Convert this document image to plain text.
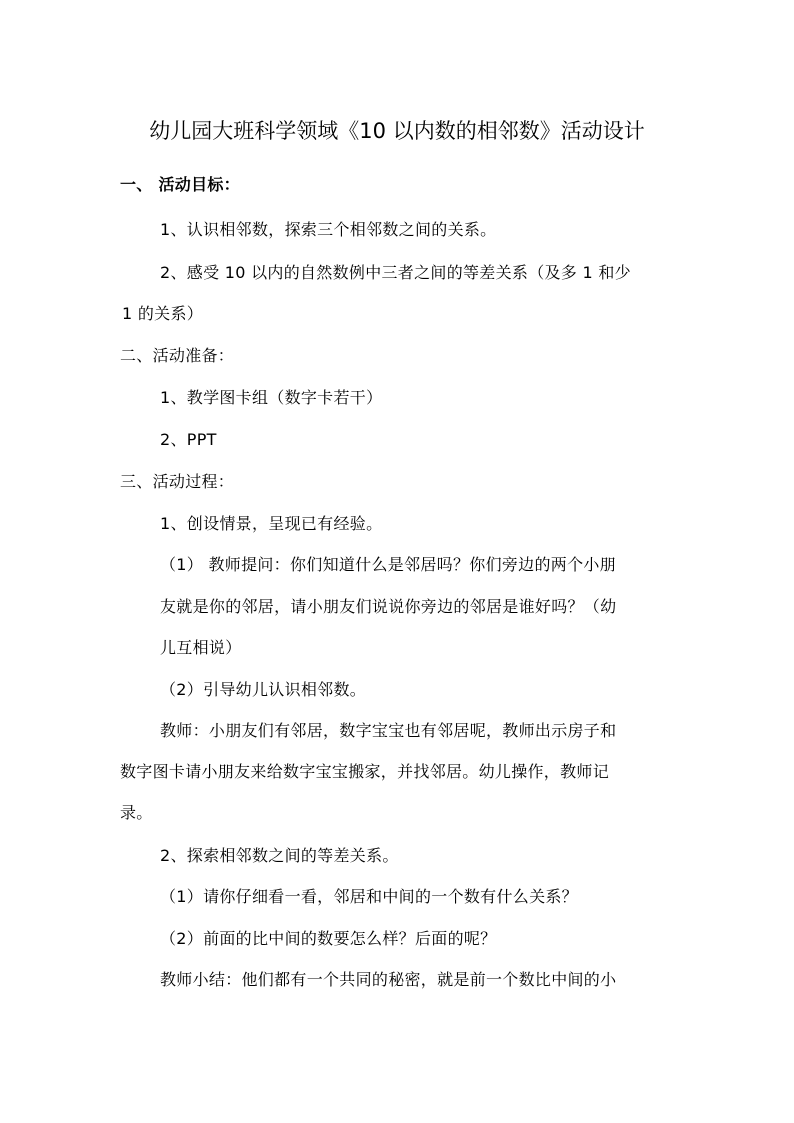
幼儿园大班科学领域《10 以内数的相邻数》活动设计
一、 活动目标：
1、认识相邻数，探索三个相邻数之间的关系。
2、感受 10 以内的自然数例中三者之间的等差关系（及多 1 和少
1 的关系）
二、活动准备：
1、教学图卡组（数字卡若干）
2、PPT
三、活动过程：
1、创设情景，呈现已有经验。
（1） 教师提问：你们知道什么是邻居吗？你们旁边的两个小朋
友就是你的邻居，请小朋友们说说你旁边的邻居是谁好吗？（幼
儿互相说）
（2）引导幼儿认识相邻数。
教师：小朋友们有邻居，数字宝宝也有邻居呢，教师出示房子和
数字图卡请小朋友来给数字宝宝搬家，并找邻居。幼儿操作，教师记
录。
2、探索相邻数之间的等差关系。
（1）请你仔细看一看，邻居和中间的一个数有什么关系？
（2）前面的比中间的数要怎么样？后面的呢？
教师小结：他们都有一个共同的秘密，就是前一个数比中间的小
